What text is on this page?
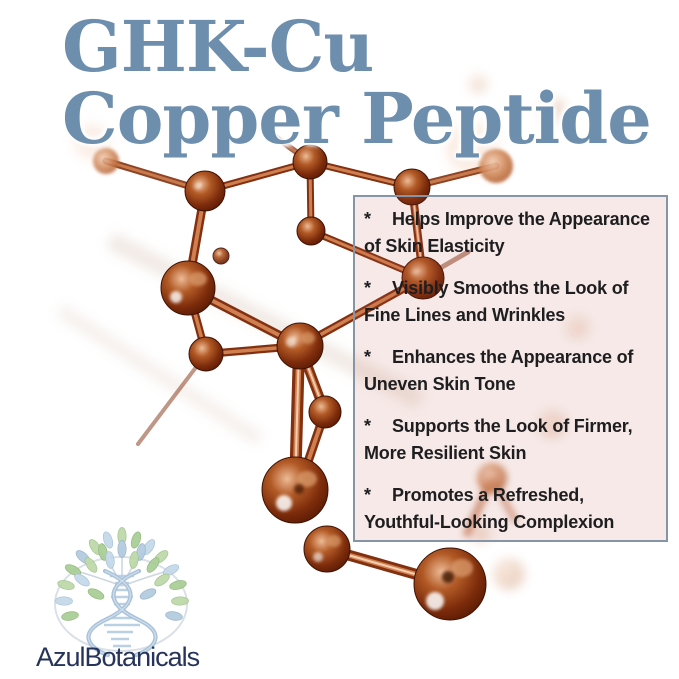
GHK-Cu
Copper Peptide

* Helps Improve the Appearance
of Skin Elasticity

* Visibly Smooths the Look of
Fine Lines and Wrinkles

* Enhances the Appearance of
Uneven Skin Tone

* Supports the Look of Firmer,
More Resilient Skin

* Promotes a Refreshed,
Youthful-Looking Complexion

AzulBotanicals
